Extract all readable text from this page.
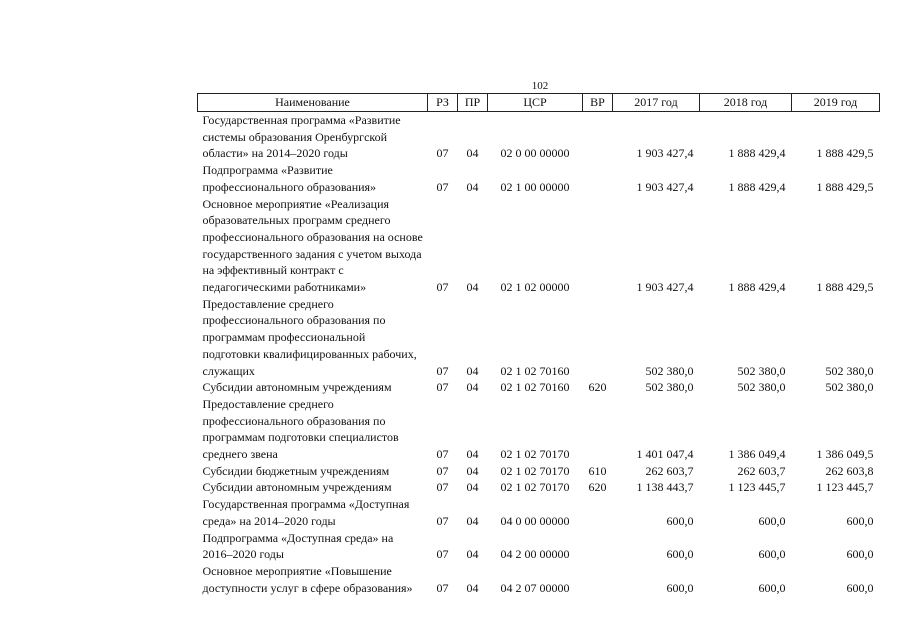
102
Наименование	РЗ	ПР	ЦСР	ВР	2017 год	2018 год	2019 год
Государственная программа «Развитие системы образования Оренбургской области» на 2014–2020 годы	07	04	02 0 00 00000		1 903 427,4	1 888 429,4	1 888 429,5
Подпрограмма «Развитие профессионального образования»	07	04	02 1 00 00000		1 903 427,4	1 888 429,4	1 888 429,5
Основное мероприятие «Реализация образовательных программ среднего профессионального образования на основе государственного задания с учетом выхода на эффективный контракт с педагогическими работниками»	07	04	02 1 02 00000		1 903 427,4	1 888 429,4	1 888 429,5
Предоставление среднего профессионального образования по программам профессиональной подготовки квалифицированных рабочих, служащих	07	04	02 1 02 70160		502 380,0	502 380,0	502 380,0
Субсидии автономным учреждениям	07	04	02 1 02 70160	620	502 380,0	502 380,0	502 380,0
Предоставление среднего профессионального образования по программам подготовки специалистов среднего звена	07	04	02 1 02 70170		1 401 047,4	1 386 049,4	1 386 049,5
Субсидии бюджетным учреждениям	07	04	02 1 02 70170	610	262 603,7	262 603,7	262 603,8
Субсидии автономным учреждениям	07	04	02 1 02 70170	620	1 138 443,7	1 123 445,7	1 123 445,7
Государственная программа «Доступная среда» на 2014–2020 годы	07	04	04 0 00 00000		600,0	600,0	600,0
Подпрограмма «Доступная среда» на 2016–2020 годы	07	04	04 2 00 00000		600,0	600,0	600,0
Основное мероприятие «Повышение доступности услуг в сфере образования»	07	04	04 2 07 00000		600,0	600,0	600,0
